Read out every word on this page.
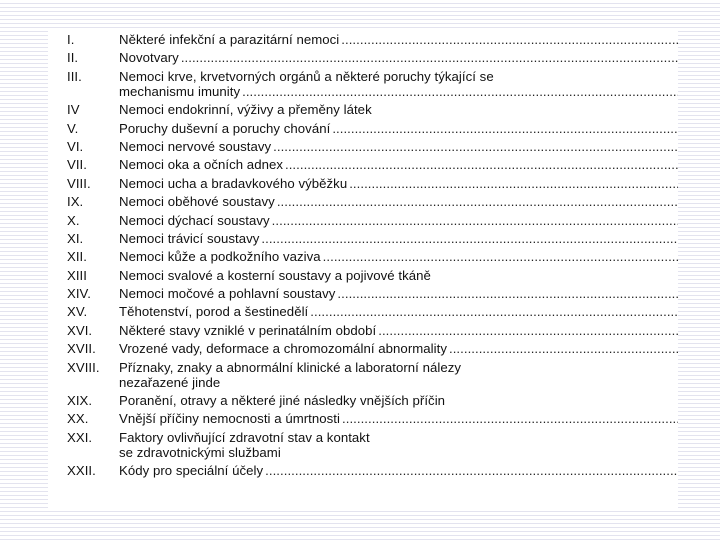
I.	Některé infekční a parazitární nemoci
.....
II.	Novotvary
.....
III.	Nemoci krve, krvetvorných orgánů a některé poruchy týkající se
mechanismu imunity
.....
IV	Nemoci endokrinní, výživy a přeměny látek
V.	Poruchy duševní a poruchy chování
.....
VI.	Nemoci nervové soustavy
.....
VII.	Nemoci oka a očních adnex
.....
VIII.	Nemoci ucha a bradavkového výběžku
.....
IX.	Nemoci oběhové soustavy
.....
X.	Nemoci dýchací soustavy
.....
XI.	Nemoci trávicí soustavy
.....
XII.	Nemoci kůže a podkožního vaziva
.....
XIII	Nemoci svalové a kosterní soustavy a pojivové tkáně
XIV.	Nemoci močové a pohlavní soustavy
.....
XV.	Těhotenství, porod a šestinedělí
.....
XVI.	Některé stavy vzniklé v perinatálním období
.....
XVII.	Vrozené vady, deformace a chromozomální abnormality
.....
XVIII.	Příznaky, znaky a abnormální klinické a laboratorní nálezy
nezařazené jinde
XIX.	Poranění, otravy a některé jiné následky vnějších příčin
XX.	Vnější příčiny nemocnosti a úmrtnosti
.....
XXI.	Faktory ovlivňující zdravotní stav a kontakt
se zdravotnickými službami
XXII.	Kódy pro speciální účely
.....
